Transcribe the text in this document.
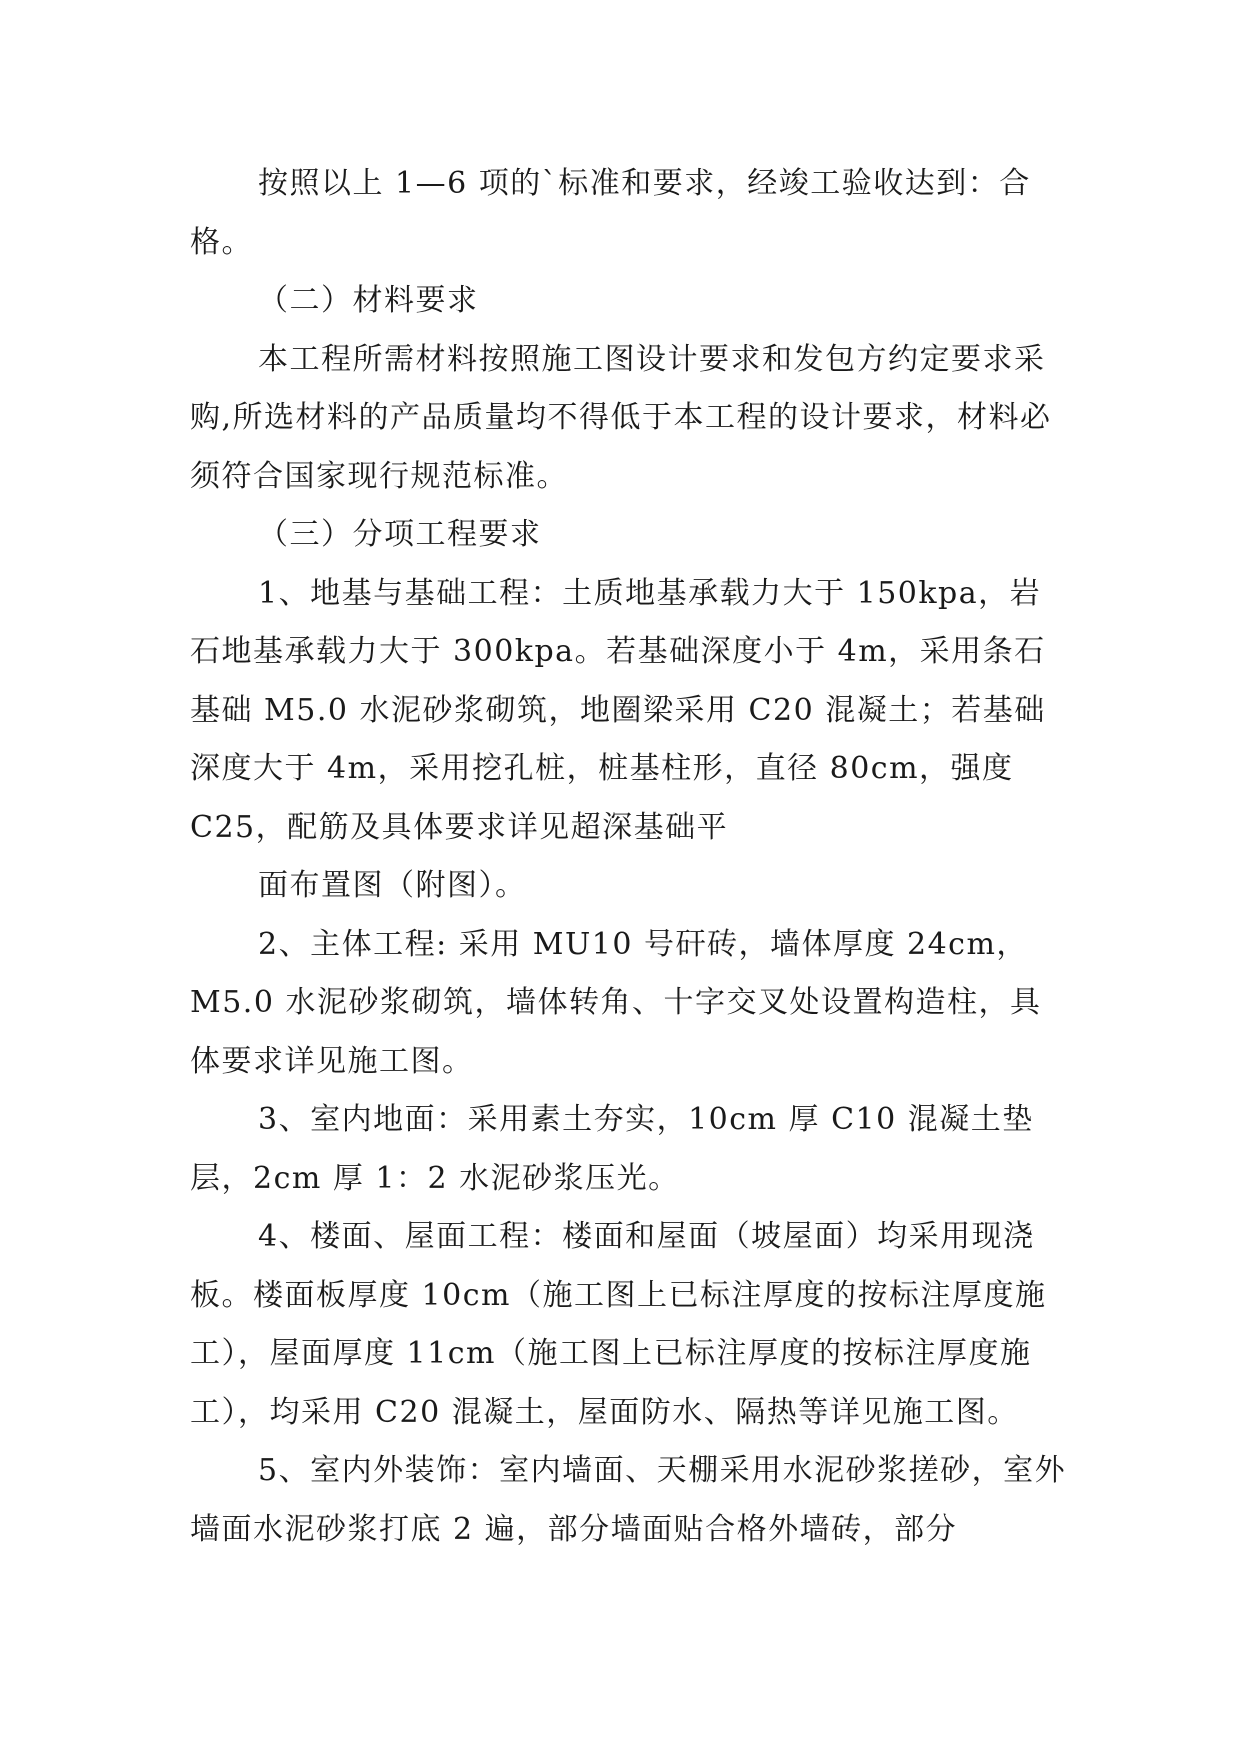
按照以上 1—6 项的`标准和要求，经竣工验收达到：合格。

（二）材料要求

本工程所需材料按照施工图设计要求和发包方约定要求采购,所选材料的产品质量均不得低于本工程的设计要求，材料必须符合国家现行规范标准。

（三）分项工程要求

1、地基与基础工程：土质地基承载力大于 150kpa，岩石地基承载力大于 300kpa。若基础深度小于 4m，采用条石基础 M5.0 水泥砂浆砌筑，地圈梁采用 C20 混凝土；若基础深度大于 4m，采用挖孔桩，桩基柱形，直径 80cm，强度 C25，配筋及具体要求详见超深基础平

面布置图（附图）。

2、主体工程: 采用 MU10 号矸砖，墙体厚度 24cm，M5.0 水泥砂浆砌筑，墙体转角、十字交叉处设置构造柱，具体要求详见施工图。

3、室内地面：采用素土夯实，10cm 厚 C10 混凝土垫层，2cm 厚 1：2 水泥砂浆压光。

4、楼面、屋面工程：楼面和屋面（坡屋面）均采用现浇板。楼面板厚度 10cm（施工图上已标注厚度的按标注厚度施工），屋面厚度 11cm（施工图上已标注厚度的按标注厚度施工），均采用 C20 混凝土，屋面防水、隔热等详见施工图。

5、室内外装饰：室内墙面、天棚采用水泥砂浆搓砂，室外墙面水泥砂浆打底 2 遍，部分墙面贴合格外墙砖，部分
